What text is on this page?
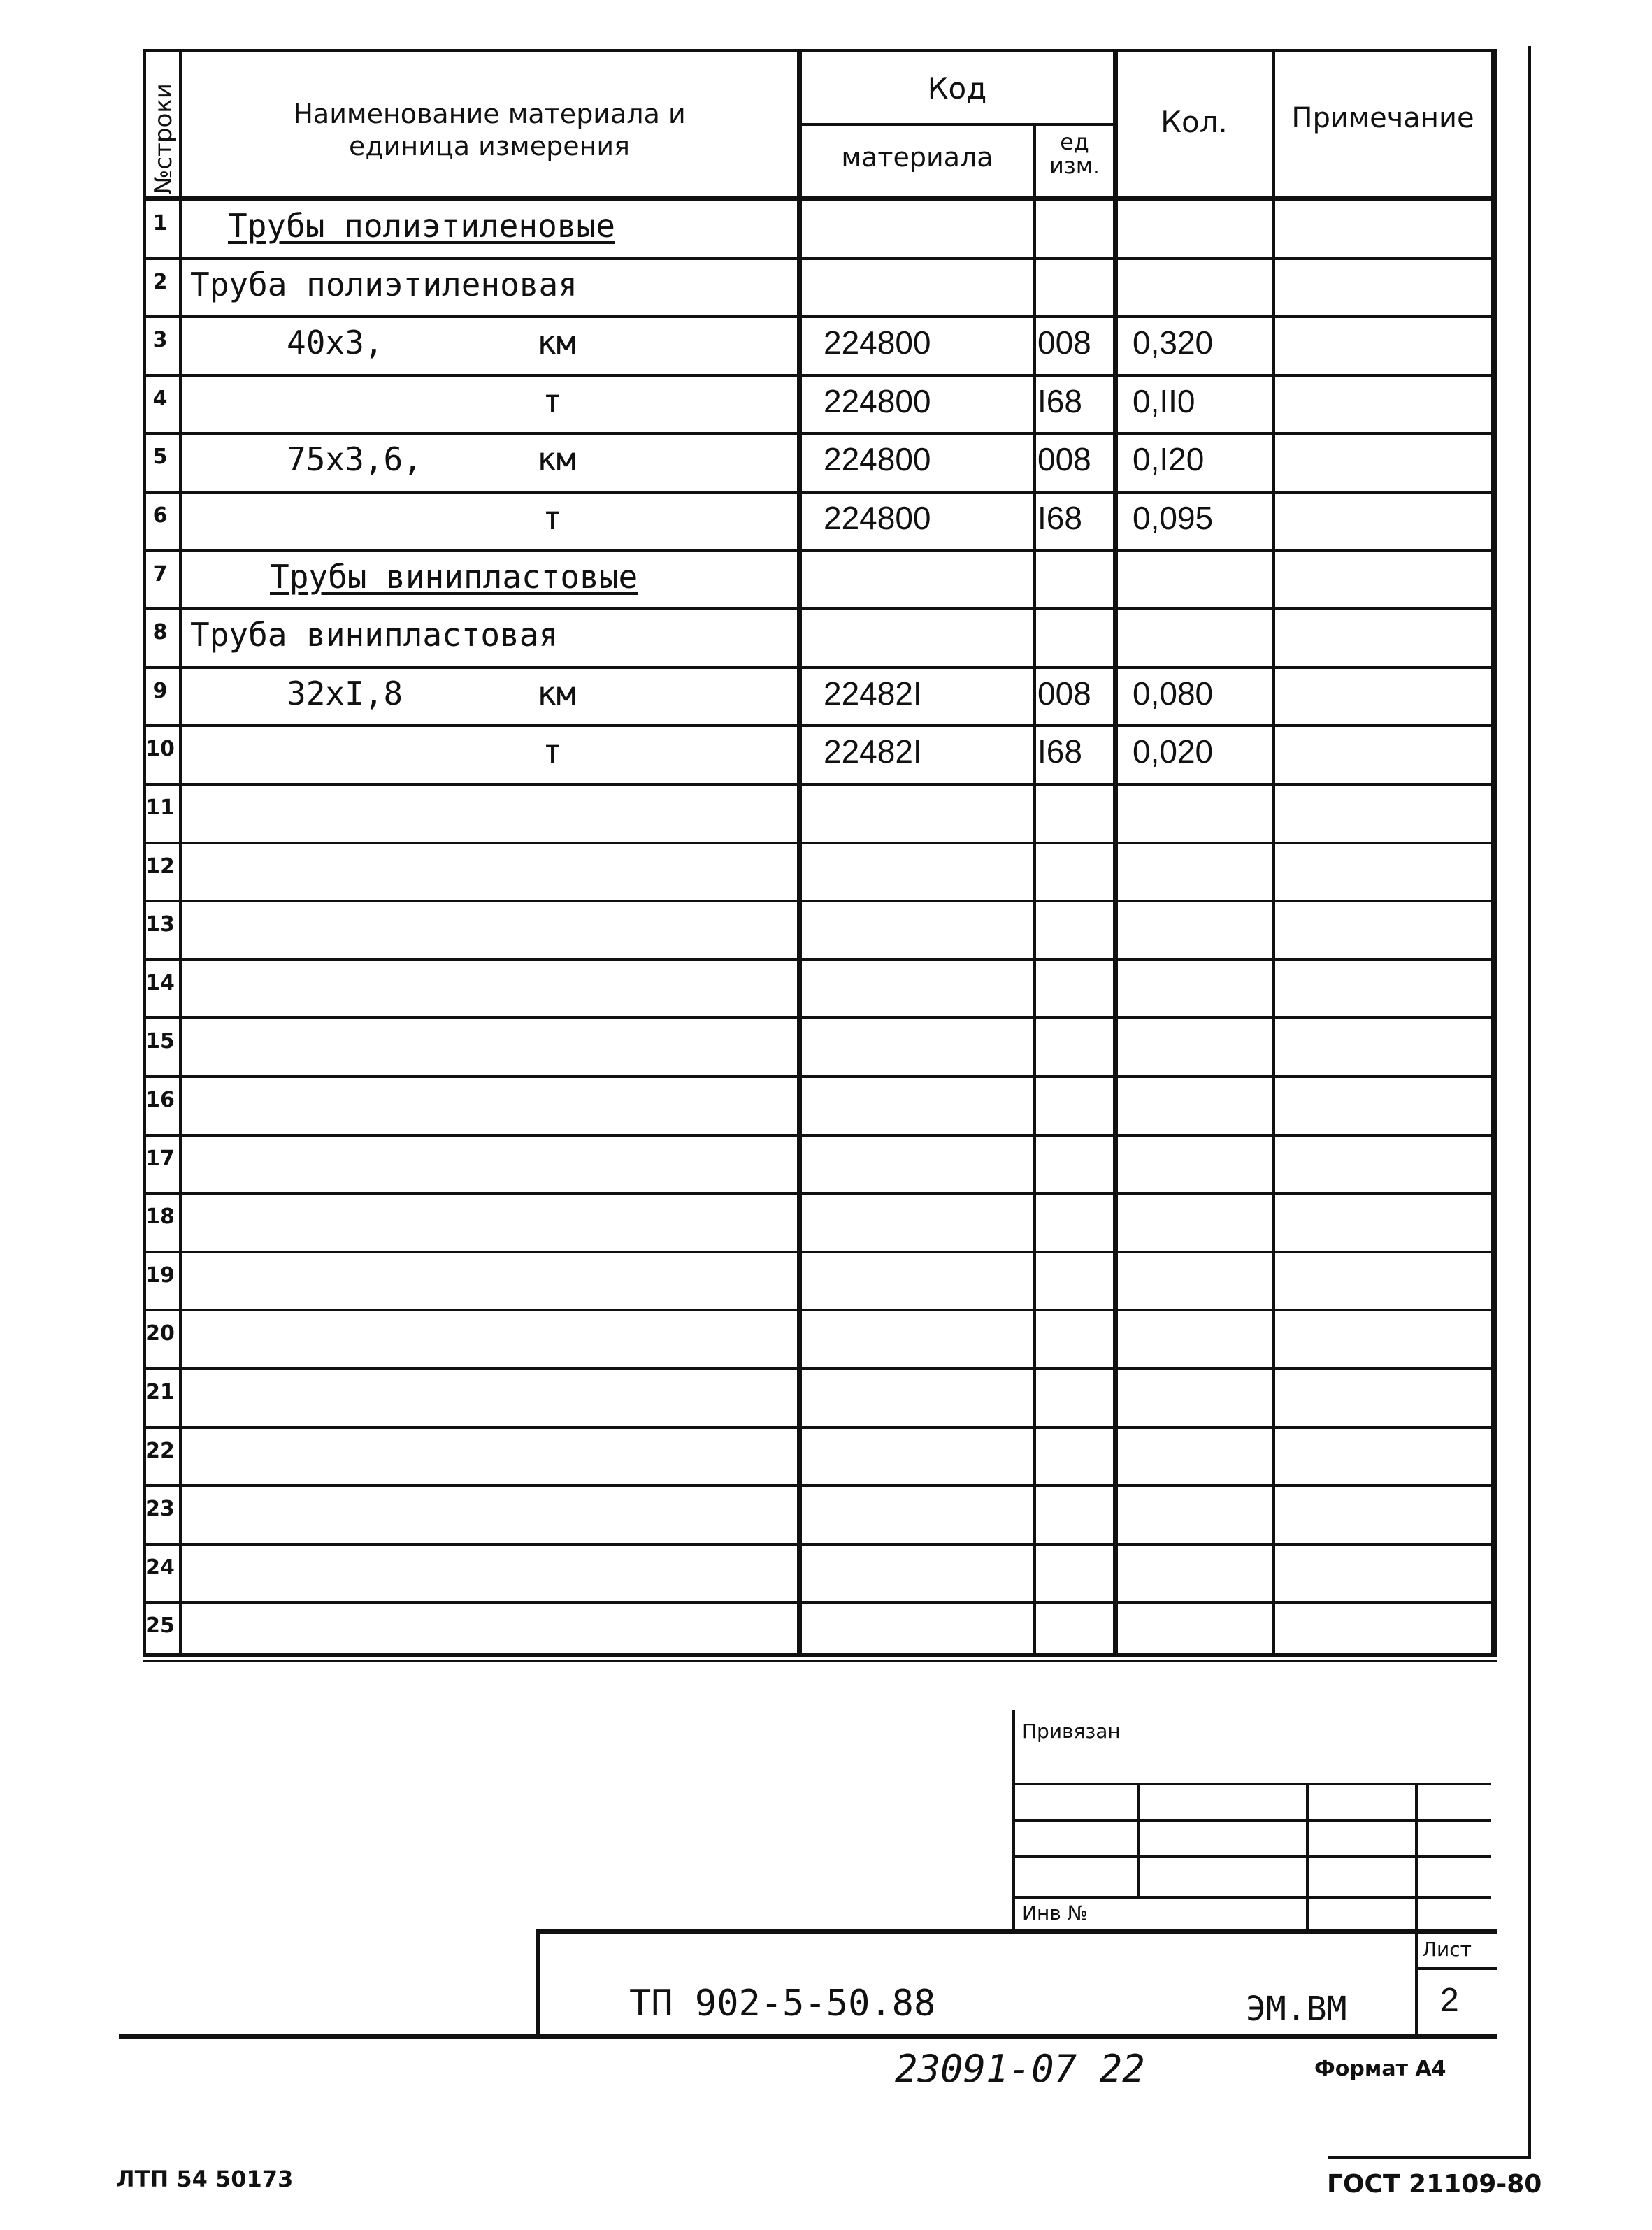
№строки	Наименование материала и
единица измерения
Код
материала	ед
изм.
Кол.	Примечание
1	Трубы полиэтиленовые
2 Труба полиэтиленовая
3	40х3,	км	224800	008 0,320
4	т	224800	I68 0,II0
5	75х3,6,	км	224800	008 0,I20
6	т	224800	I68 0,095
7	Трубы винипластовые
8 Труба винипластовая
9	32хI,8	км	22482I	008 0,080
10	т	22482I	I68 0,020
11
12
13
14
15
16
17
18
19
20
21
22
23
24
25
Привязан
Инв №
Лист
2
ТП 902-5-50.88	ЭМ.ВМ
23091-07 22	Формат А4
ЛТП 54 50173	ГОСТ 21109-80
